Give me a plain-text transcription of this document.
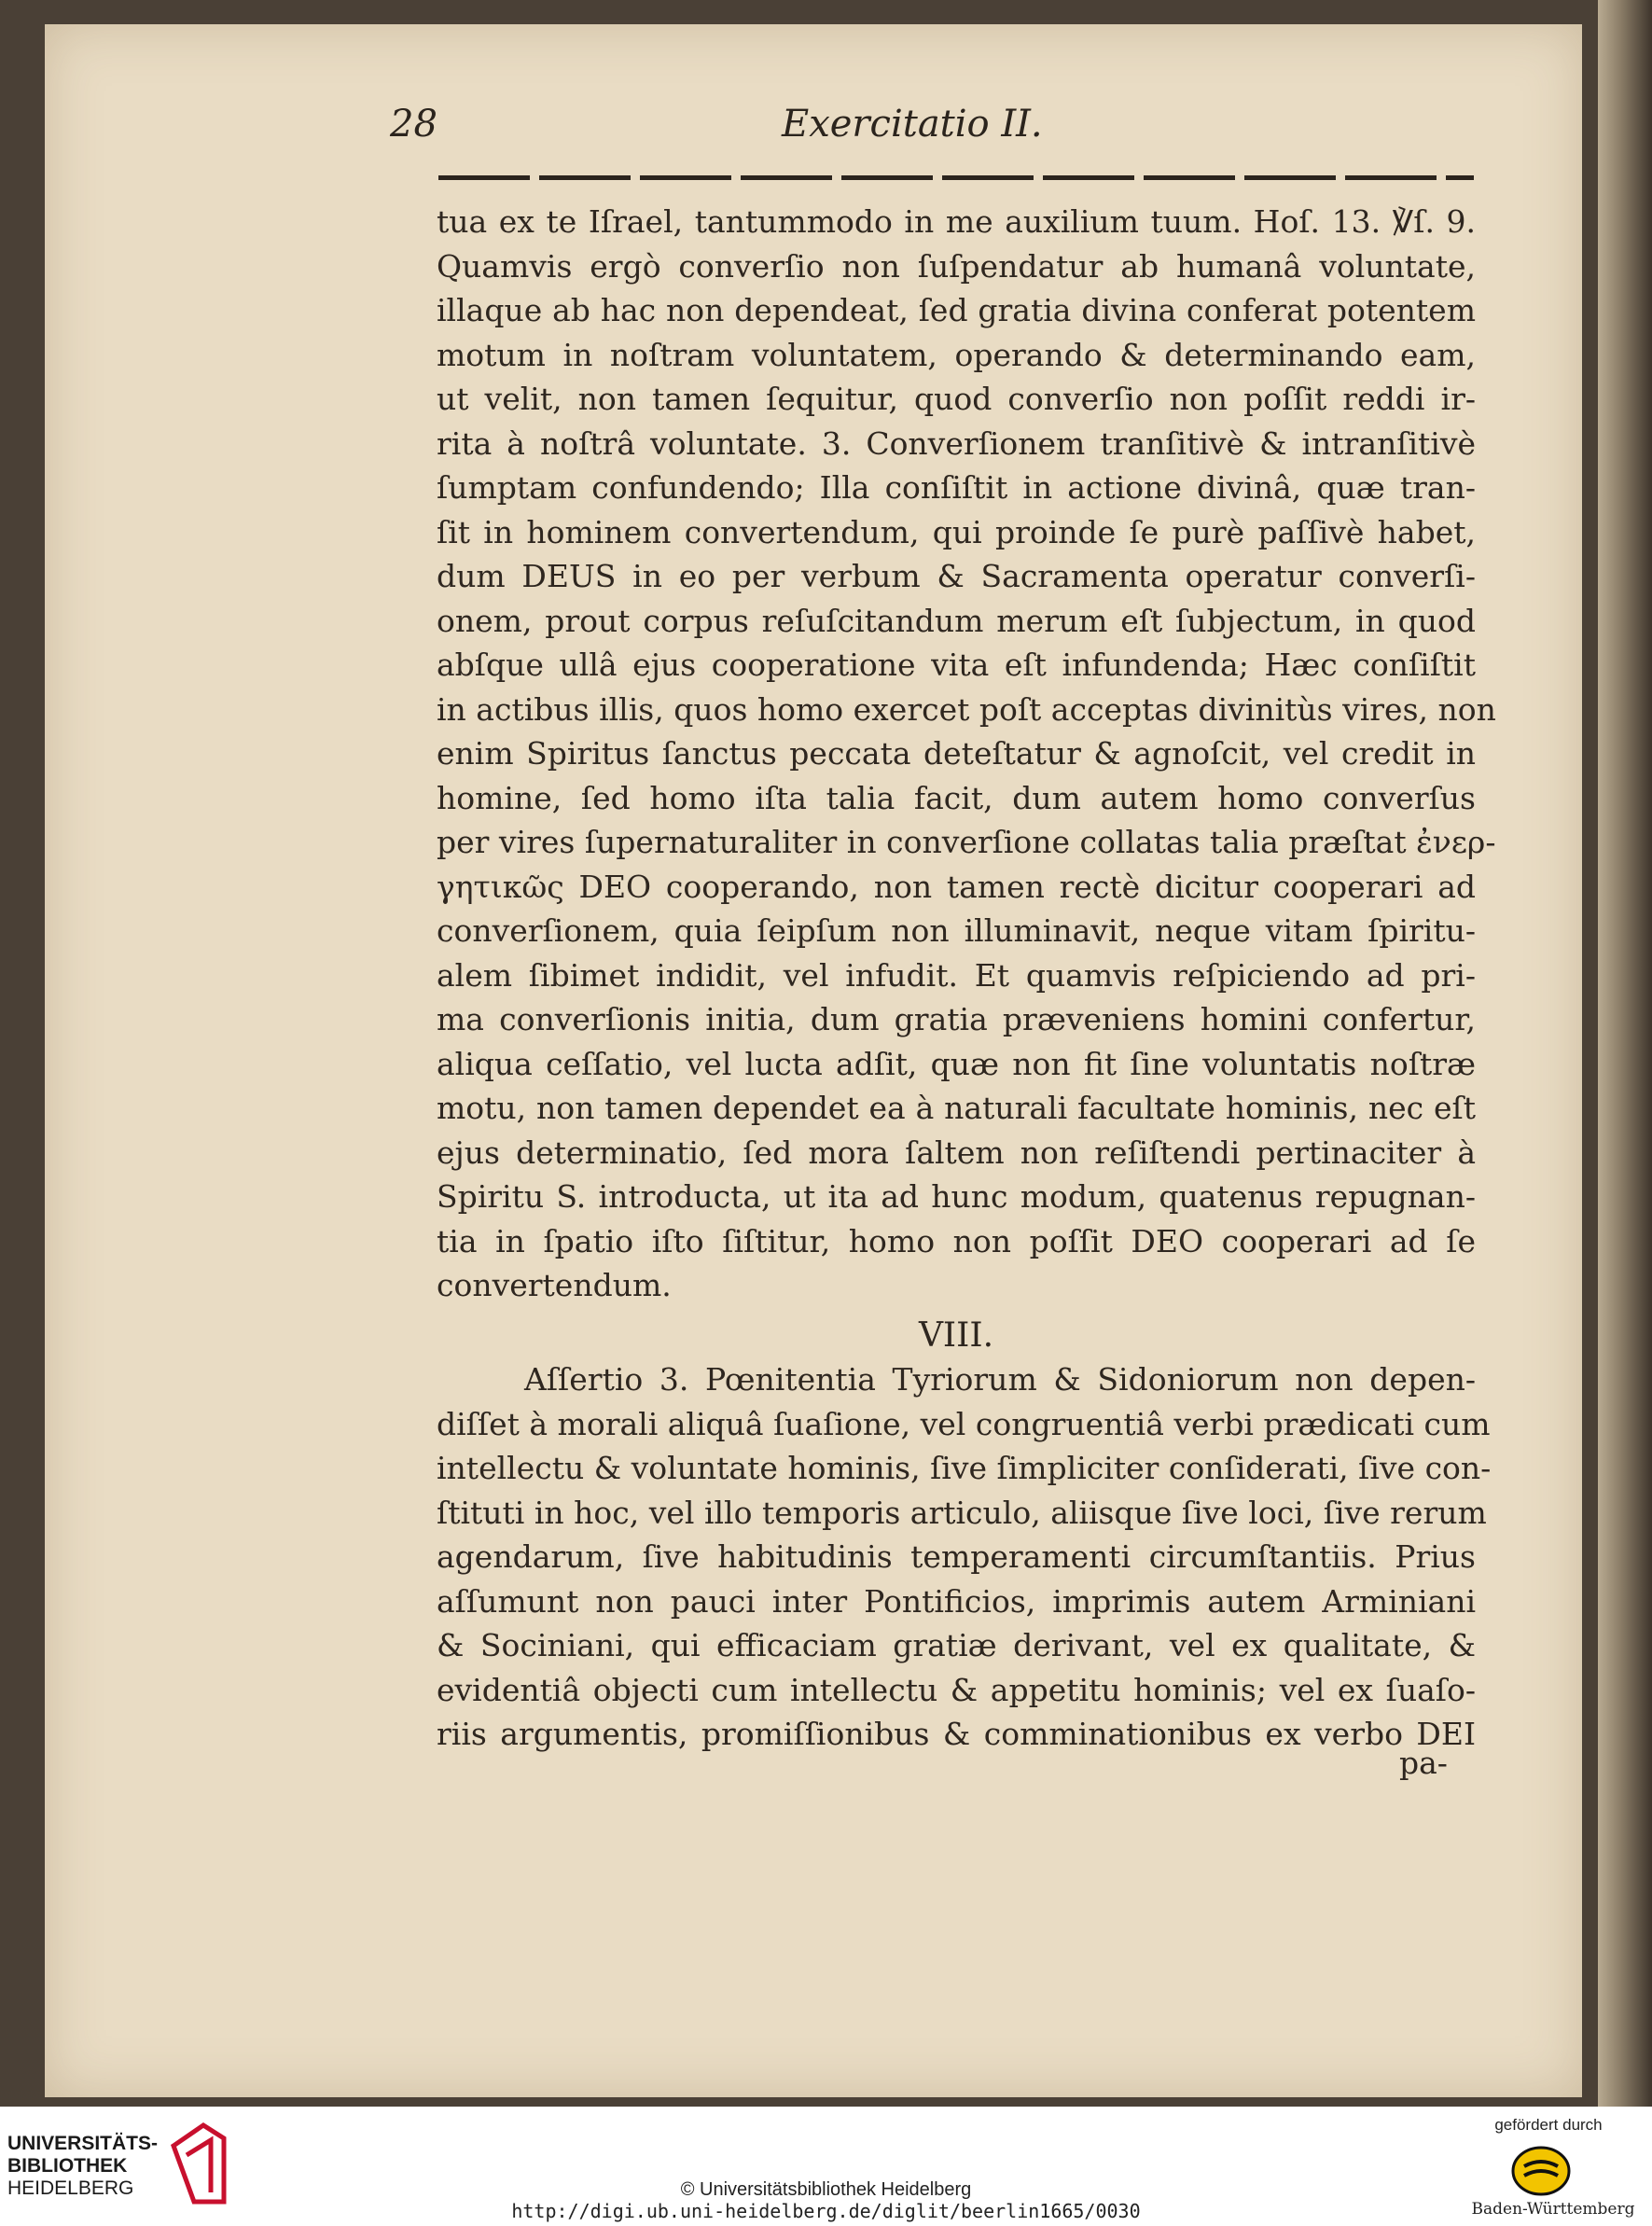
28	Exercitatio II.
tua ex te Iſrael, tantummodo in me auxilium tuum. Hoſ. 13. ℣ſ. 9.
Quamvis ergò converſio non ſuſpendatur ab humanâ voluntate,
illaque ab hac non dependeat, ſed gratia divina conferat potentem
motum in noſtram voluntatem, operando & determinando eam,
ut velit, non tamen ſequitur, quod converſio non poſſit reddi ir-
rita à noſtrâ voluntate. 3. Converſionem tranſitivè & intranſitivè
ſumptam confundendo; Illa conſiſtit in actione divinâ, quæ tran-
ſit in hominem convertendum, qui proinde ſe purè paſſivè habet,
dum DEUS in eo per verbum & Sacramenta operatur converſi-
onem, prout corpus reſuſcitandum merum eſt ſubjectum, in quod
abſque ullâ ejus cooperatione vita eſt infundenda; Hæc conſiſtit
in actibus illis, quos homo exercet poſt acceptas divinitùs vires, non
enim Spiritus ſanctus peccata deteſtatur & agnoſcit, vel credit in
homine, ſed homo iſta talia facit, dum autem homo converſus
per vires ſupernaturaliter in converſione collatas talia præſtat ἐνερ-
γητικῶς DEO cooperando, non tamen rectè dicitur cooperari ad
converſionem, quia ſeipſum non illuminavit, neque vitam ſpiritu-
alem ſibimet indidit, vel infudit. Et quamvis reſpiciendo ad pri-
ma converſionis initia, dum gratia præveniens homini confertur,
aliqua ceſſatio, vel lucta adſit, quæ non fit ſine voluntatis noſtræ
motu, non tamen dependet ea à naturali facultate hominis, nec eſt
ejus determinatio, ſed mora ſaltem non reſiſtendi pertinaciter à
Spiritu S. introducta, ut ita ad hunc modum, quatenus repugnan-
tia in ſpatio iſto ſiſtitur, homo non poſſit DEO cooperari ad ſe
convertendum.
VIII.
Aſſertio 3. Pœnitentia Tyriorum & Sidoniorum non depen-
diſſet à morali aliquâ ſuaſione, vel congruentiâ verbi prædicati cum
intellectu & voluntate hominis, ſive ſimpliciter conſiderati, ſive con-
ſtituti in hoc, vel illo temporis articulo, aliisque ſive loci, ſive rerum
agendarum, ſive habitudinis temperamenti circumſtantiis. Prius
aſſumunt non pauci inter Pontificios, imprimis autem Arminiani
& Sociniani, qui efficaciam gratiæ derivant, vel ex qualitate, &
evidentiâ objecti cum intellectu & appetitu hominis; vel ex ſuaſo-
riis argumentis, promiſſionibus & comminationibus ex verbo DEI
pa-
UNIVERSITÄTS-
BIBLIOTHEK
HEIDELBERG	© Universitätsbibliothek Heidelberg
http://digi.ub.uni-heidelberg.de/diglit/beerlin1665/0030
gefördert durch
Baden-Württemberg
